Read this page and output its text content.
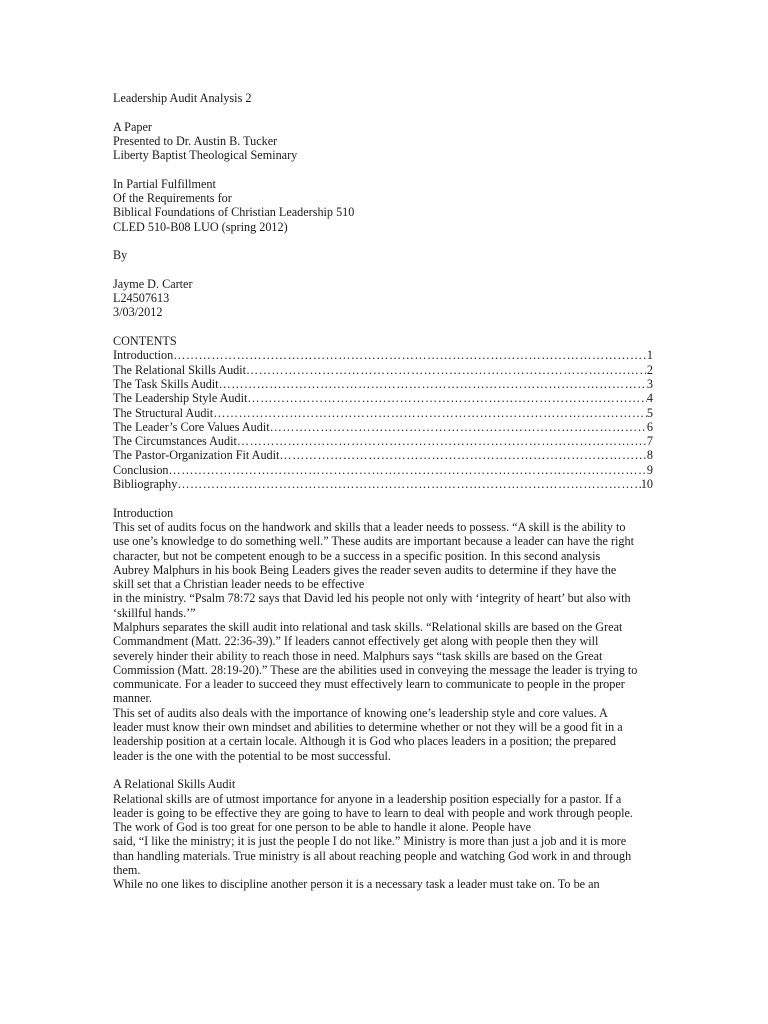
Leadership Audit Analysis 2
A Paper
Presented to Dr. Austin B. Tucker
Liberty Baptist Theological Seminary
In Partial Fulfillment
Of the Requirements for
Biblical Foundations of Christian Leadership 510
CLED 510-B08 LUO (spring 2012)
By
Jayme D. Carter
L24507613
3/03/2012
CONTENTS
Introduction ………………………………………………………………………………………………………………………………………………………	1
The Relational Skills Audit ………………………………………………………………………………………………………………………………………………………	2
The Task Skills Audit ………………………………………………………………………………………………………………………………………………………	3
The Leadership Style Audit ………………………………………………………………………………………………………………………………………………………	4
The Structural Audit ………………………………………………………………………………………………………………………………………………………	5
The Leader’s Core Values Audit ………………………………………………………………………………………………………………………………………………………	6
The Circumstances Audit ………………………………………………………………………………………………………………………………………………………	7
The Pastor-Organization Fit Audit ………………………………………………………………………………………………………………………………………………………	8
Conclusion ………………………………………………………………………………………………………………………………………………………	9
Bibliography ………………………………………………………………………………………………………………………………………………………	10
Introduction
This set of audits focus on the handwork and skills that a leader needs to possess. “A skill is the ability to
use one’s knowledge to do something well.” These audits are important because a leader can have the right
character, but not be competent enough to be a success in a specific position. In this second analysis
Aubrey Malphurs in his book Being Leaders gives the reader seven audits to determine if they have the
skill set that a Christian leader needs to be effective
in the ministry. “Psalm 78:72 says that David led his people not only with ‘integrity of heart’ but also with
‘skillful hands.’”
Malphurs separates the skill audit into relational and task skills. “Relational skills are based on the Great
Commandment (Matt. 22:36-39).” If leaders cannot effectively get along with people then they will
severely hinder their ability to reach those in need. Malphurs says “task skills are based on the Great
Commission (Matt. 28:19-20).” These are the abilities used in conveying the message the leader is trying to
communicate. For a leader to succeed they must effectively learn to communicate to people in the proper
manner.
This set of audits also deals with the importance of knowing one’s leadership style and core values. A
leader must know their own mindset and abilities to determine whether or not they will be a good fit in a
leadership position at a certain locale. Although it is God who places leaders in a position; the prepared
leader is the one with the potential to be most successful.
A Relational Skills Audit
Relational skills are of utmost importance for anyone in a leadership position especially for a pastor. If a
leader is going to be effective they are going to have to learn to deal with people and work through people.
The work of God is too great for one person to be able to handle it alone. People have
said, “I like the ministry; it is just the people I do not like.” Ministry is more than just a job and it is more
than handling materials. True ministry is all about reaching people and watching God work in and through
them.
While no one likes to discipline another person it is a necessary task a leader must take on. To be an
